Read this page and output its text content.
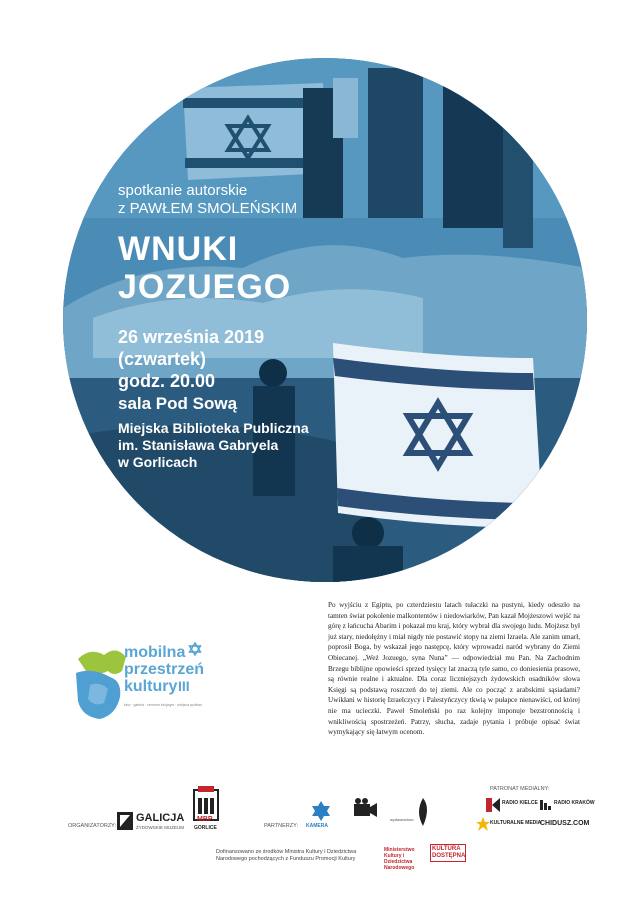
spotkanie autorskie
z PAWŁEM SMOLEŃSKIM
WNUKI
JOZUEGO
26 września 2019
(czwartek)
godz. 20.00
sala Pod Sową
Miejska Biblioteka Publiczna
im. Stanisława Gabryela
w Gorlicach
Po wyjściu z Egiptu, po czterdziestu latach tułaczki na pustyni, kiedy odeszło na tamten świat pokolenie malkontentów i niedowiarków, Pan kazał Mojżeszowi wejść na górę z łańcucha Abarim i pokazał mu kraj, który wybrał dla swojego ludu. Mojżesz był już stary, niedołężny i miał nigdy nie postawić stopy na ziemi Izraela. Ale zanim umarł, poprosił Boga, by wskazał jego następcę, który wprowadzi naród wybrany do Ziemi Obiecanej. „Weź Jozuego, syna Nuna” — odpowiedział mu Pan. Na Zachodnim Brzegu biblijne opowieści sprzed tysięcy lat znaczą tyle samo, co doniesienia prasowe, są równie realne i aktualne. Dla coraz liczniejszych żydowskich osadników słowa Księgi są podstawą roszczeń do tej ziemi. Ale co począć z arabskimi sąsiadami? Uwikłani w historię Izraelczycy i Palestyńczycy tkwią w pułapce nienawiści, od której nie ma ucieczki. Paweł Smoleński po raz kolejny imponuje bezstronnością i wnikliwością spostrzeżeń. Patrzy, słucha, zadaje pytania i próbuje opisać świat wymykający się łatwym ocenom.
mobilna
przestrzeń
kultury
kino · galeria · centrum inicjatyw · miejsca spotkań
III
ORGANIZATORZY:
GALICJA
ŻYDOWSKIE MUZEUM
MBP
GORLICE	PARTNERZY: KAMERA
wydawnictwo
PATRONAT MEDIALNY:
RADIO KIELCE	RADIO KRAKÓW
KULTURALNE MEDIA
CHIDUSZ.COM
Dofinansowano ze środków Ministra Kultury i Dziedzictwa Narodowego pochodzących z Funduszu Promocji Kultury
Ministerstwo Kultury i Dziedzictwa Narodowego
KULTURA DOSTĘPNA
